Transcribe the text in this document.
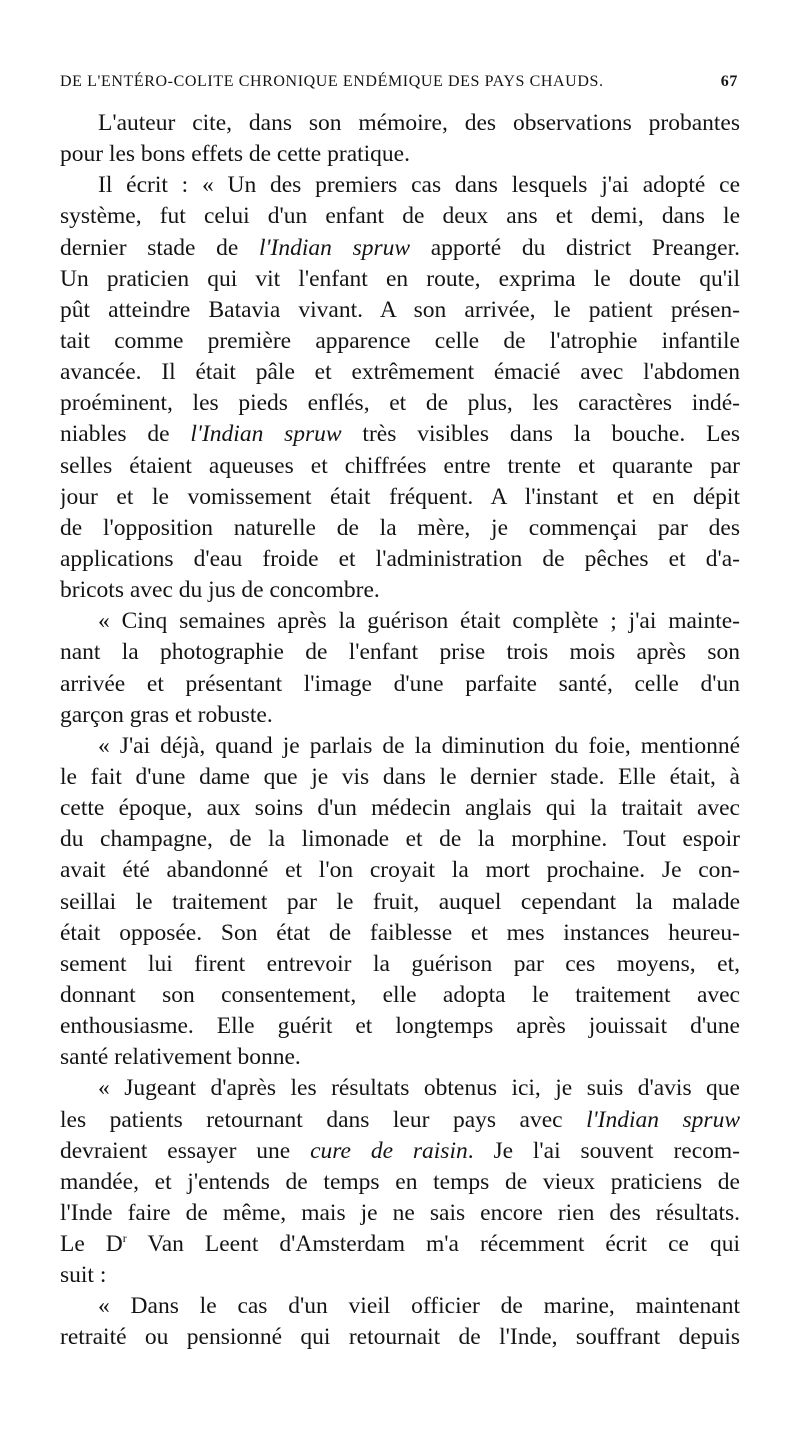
DE L'ENTÉRO-COLITE CHRONIQUE ENDÉMIQUE DES PAYS CHAUDS.	67
L'auteur cite, dans son mémoire, des observations probantes
pour les bons effets de cette pratique.
Il écrit : « Un des premiers cas dans lesquels j'ai adopté ce
système, fut celui d'un enfant de deux ans et demi, dans le
dernier stade de l'Indian spruw apporté du district Preanger.
Un praticien qui vit l'enfant en route, exprima le doute qu'il
pût atteindre Batavia vivant. A son arrivée, le patient présen-
tait comme première apparence celle de l'atrophie infantile
avancée. Il était pâle et extrêmement émacié avec l'abdomen
proéminent, les pieds enflés, et de plus, les caractères indé-
niables de l'Indian spruw très visibles dans la bouche. Les
selles étaient aqueuses et chiffrées entre trente et quarante par
jour et le vomissement était fréquent. A l'instant et en dépit
de l'opposition naturelle de la mère, je commençai par des
applications d'eau froide et l'administration de pêches et d'a-
bricots avec du jus de concombre.
« Cinq semaines après la guérison était complète ; j'ai mainte-
nant la photographie de l'enfant prise trois mois après son
arrivée et présentant l'image d'une parfaite santé, celle d'un
garçon gras et robuste.
« J'ai déjà, quand je parlais de la diminution du foie, mentionné
le fait d'une dame que je vis dans le dernier stade. Elle était, à
cette époque, aux soins d'un médecin anglais qui la traitait avec
du champagne, de la limonade et de la morphine. Tout espoir
avait été abandonné et l'on croyait la mort prochaine. Je con-
seillai le traitement par le fruit, auquel cependant la malade
était opposée. Son état de faiblesse et mes instances heureu-
sement lui firent entrevoir la guérison par ces moyens, et,
donnant son consentement, elle adopta le traitement avec
enthousiasme. Elle guérit et longtemps après jouissait d'une
santé relativement bonne.
« Jugeant d'après les résultats obtenus ici, je suis d'avis que
les patients retournant dans leur pays avec l'Indian spruw
devraient essayer une cure de raisin. Je l'ai souvent recom-
mandée, et j'entends de temps en temps de vieux praticiens de
l'Inde faire de même, mais je ne sais encore rien des résultats.
Le $D^r$ Van Leent d'Amsterdam m'a récemment écrit ce qui
suit :
« Dans le cas d'un vieil officier de marine, maintenant
retraité ou pensionné qui retournait de l'Inde, souffrant depuis
